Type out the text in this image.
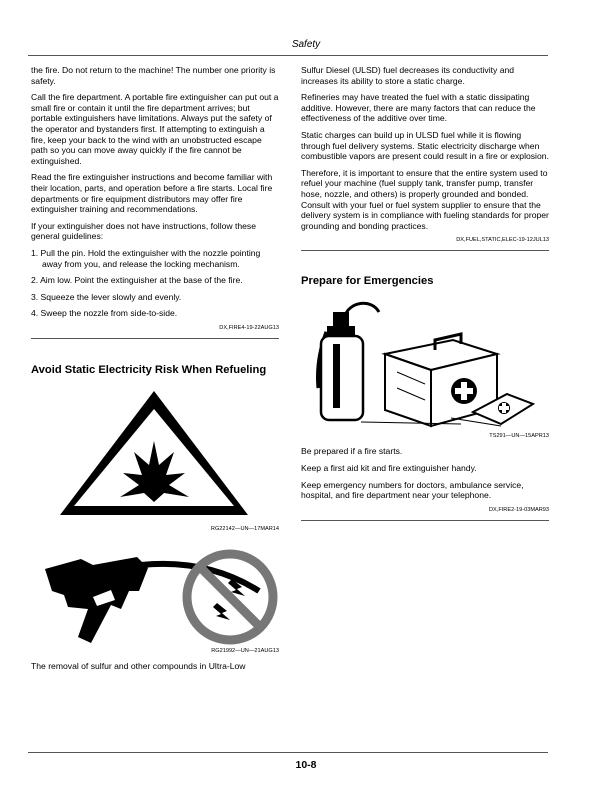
Safety

the fire. Do not return to the machine! The number one priority is safety.

Call the fire department. A portable fire extinguisher can put out a small fire or contain it until the fire department arrives; but portable extinguishers have limitations. Always put the safety of the operator and bystanders first. If attempting to extinguish a fire, keep your back to the wind with an unobstructed escape path so you can move away quickly if the fire cannot be extinguished.

Read the fire extinguisher instructions and become familiar with their location, parts, and operation before a fire starts. Local fire departments or fire equipment distributors may offer fire extinguisher training and recommendations.

If your extinguisher does not have instructions, follow these general guidelines:

1. Pull the pin. Hold the extinguisher with the nozzle pointing away from you, and release the locking mechanism.
2. Aim low. Point the extinguisher at the base of the fire.
3. Squeeze the lever slowly and evenly.
4. Sweep the nozzle from side-to-side.

DX,FIRE4-19-22AUG13

Avoid Static Electricity Risk When Refueling

RG22142—UN—17MAR14

RG21992—UN—21AUG13

The removal of sulfur and other compounds in Ultra-Low

Sulfur Diesel (ULSD) fuel decreases its conductivity and increases its ability to store a static charge.

Refineries may have treated the fuel with a static dissipating additive. However, there are many factors that can reduce the effectiveness of the additive over time.

Static charges can build up in ULSD fuel while it is flowing through fuel delivery systems. Static electricity discharge when combustible vapors are present could result in a fire or explosion.

Therefore, it is important to ensure that the entire system used to refuel your machine (fuel supply tank, transfer pump, transfer hose, nozzle, and others) is properly grounded and bonded. Consult with your fuel or fuel system supplier to ensure that the delivery system is in compliance with fueling standards for proper grounding and bonding practices.

DX,FUEL,STATIC,ELEC-19-12JUL13

Prepare for Emergencies

TS291—UN—15APR13

Be prepared if a fire starts.

Keep a first aid kit and fire extinguisher handy.

Keep emergency numbers for doctors, ambulance service, hospital, and fire department near your telephone.

DX,FIRE2-19-03MAR93

10-8
